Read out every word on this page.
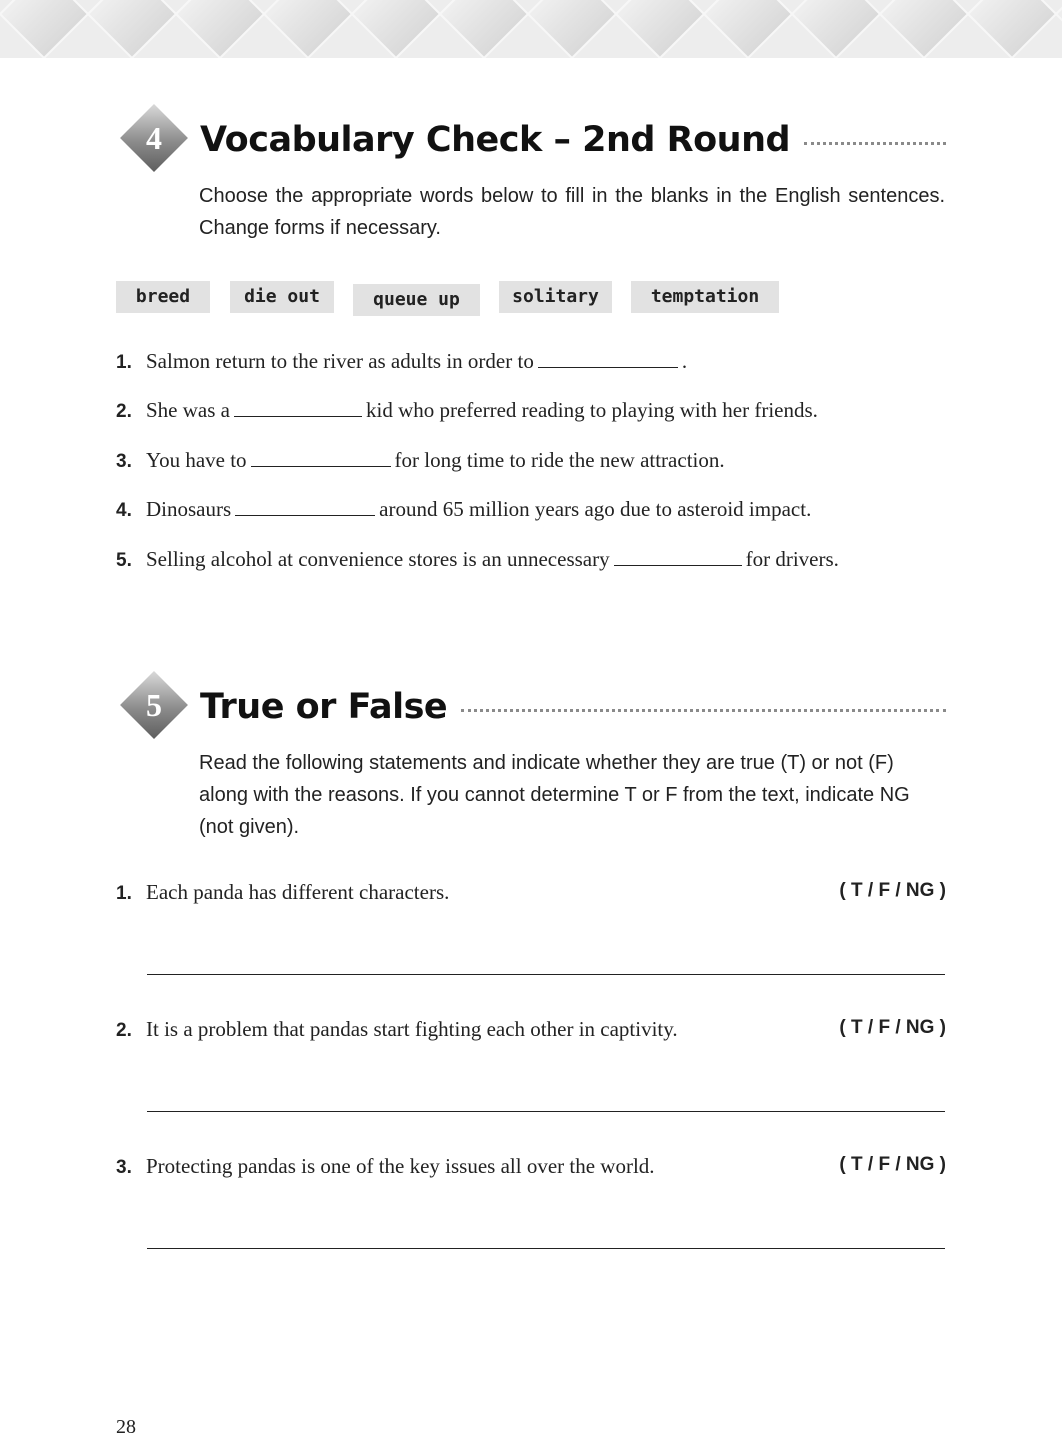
4	Vocabulary Check – 2nd Round

Choose the appropriate words below to fill in the blanks in the English sentences. Change forms if necessary.

breed	die out	queue up	solitary	temptation
1. Salmon return to the river as adults in order to	.
2. She was a	kid who preferred reading to playing with her friends.
3. You have to	for long time to ride the new attraction.
4. Dinosaurs	around 65 million years ago due to asteroid impact.
5. Selling alcohol at convenience stores is an unnecessary	for drivers.
5	True or False

Read the following statements and indicate whether they are true (T) or not (F) along with the reasons. If you cannot determine T or F from the text, indicate NG (not given).

1. Each panda has different characters.	( T / F / NG )
2. It is a problem that pandas start fighting each other in captivity.	( T / F / NG )
3. Protecting pandas is one of the key issues all over the world.	( T / F / NG )
28
